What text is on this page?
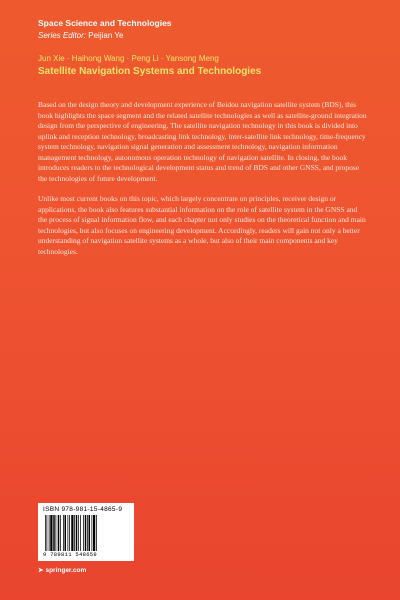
Space Science and Technologies
Series Editor: Peijian Ye
Jun Xie · Haihong Wang · Peng Li · Yansong Meng
Satellite Navigation Systems and Technologies

Based on the design theory and development experience of Beidou navigation satellite system (BDS), this book highlights the space segment and the related satellite technologies as well as satellite-ground integration design from the perspective of engineering. The satellite navigation technology in this book is divided into uplink and reception technology, broadcasting link technology, inter-satellite link technology, time-frequency system technology, navigation signal generation and assessment technology, navigation information management technology, autonomous operation technology of navigation satellite. In closing, the book introduces readers to the technological development status and trend of BDS and other GNSS, and propose the technologies of future development.

Unlike most current books on this topic, which largely concentrate on principles, receiver design or applications, the book also features substantial information on the role of satellite system in the GNSS and the process of signal information flow, and each chapter not only studies on the theoretical function and main technologies, but also focuses on engineering development. Accordingly, readers will gain not only a better understanding of navigation satellite systems as a whole, but also of their main components and key technologies.

ISBN 978-981-15-4865-9
9 789811 548659
➤ springer.com
